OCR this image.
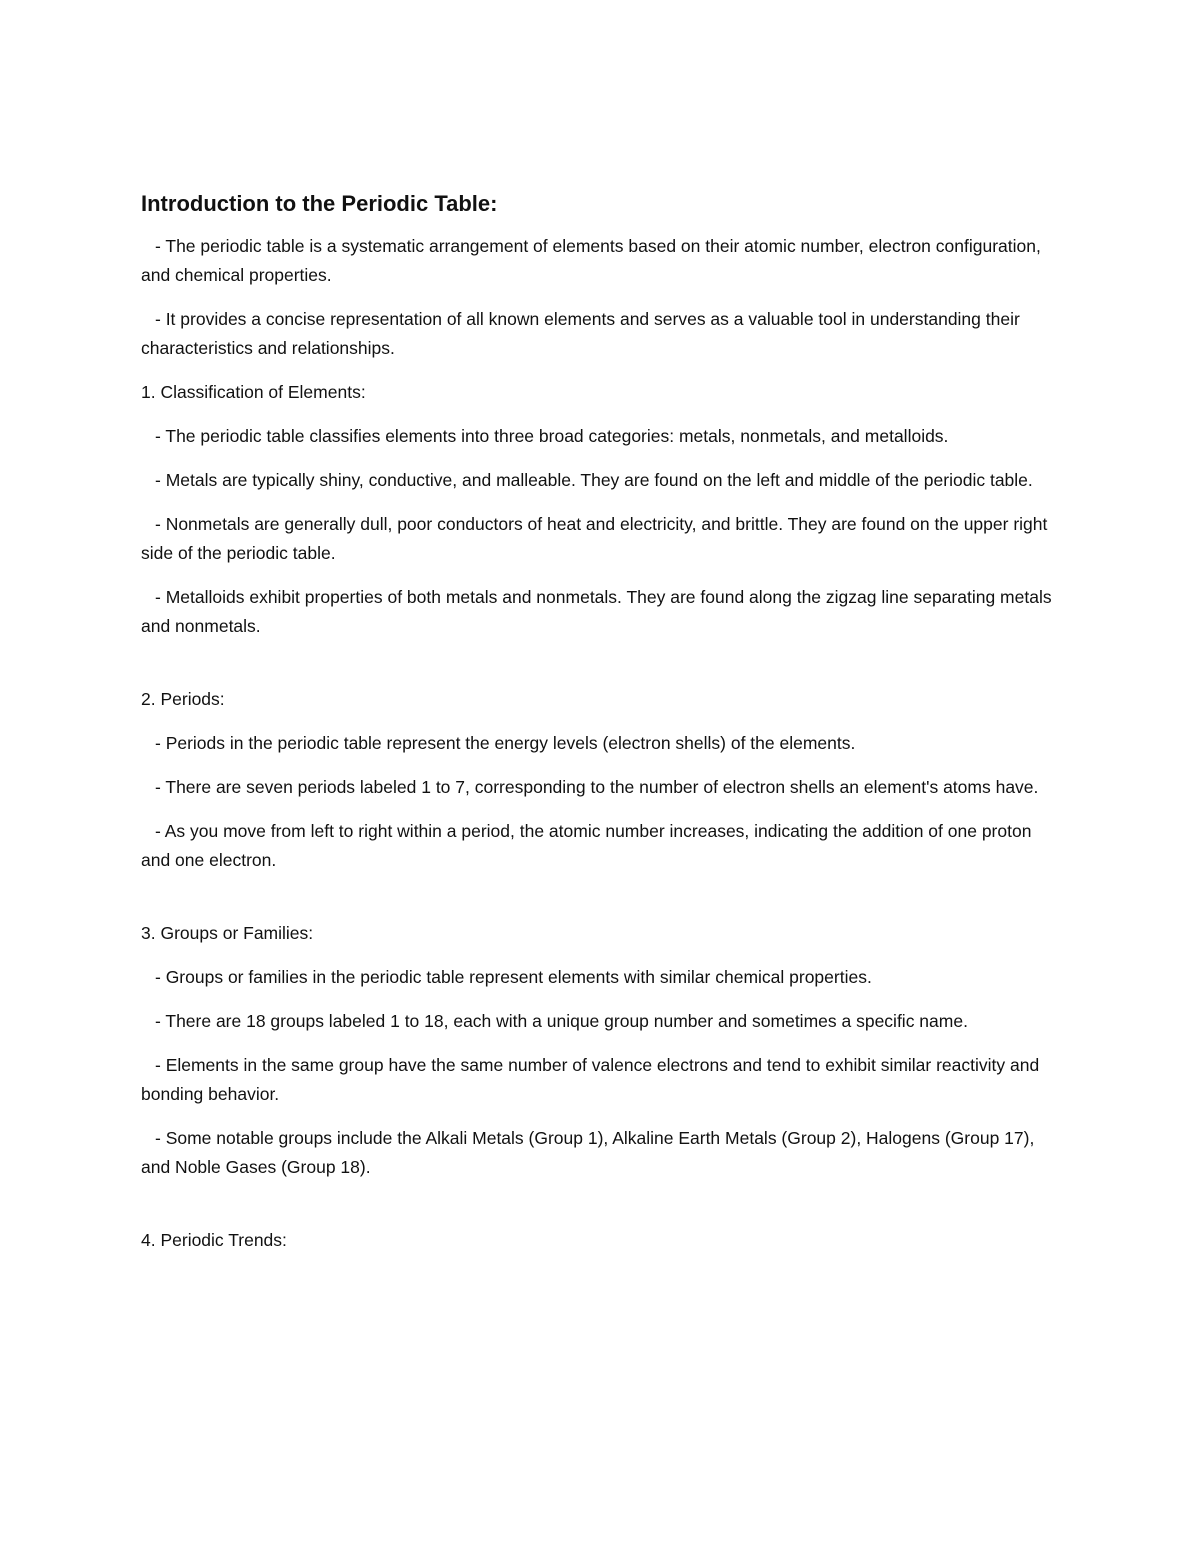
Introduction to the Periodic Table:

- The periodic table is a systematic arrangement of elements based on their atomic number, electron configuration, and chemical properties.

- It provides a concise representation of all known elements and serves as a valuable tool in understanding their characteristics and relationships.

1. Classification of Elements:

- The periodic table classifies elements into three broad categories: metals, nonmetals, and metalloids.

- Metals are typically shiny, conductive, and malleable. They are found on the left and middle of the periodic table.

- Nonmetals are generally dull, poor conductors of heat and electricity, and brittle. They are found on the upper right side of the periodic table.

- Metalloids exhibit properties of both metals and nonmetals. They are found along the zigzag line separating metals and nonmetals.

2. Periods:

- Periods in the periodic table represent the energy levels (electron shells) of the elements.

- There are seven periods labeled 1 to 7, corresponding to the number of electron shells an element's atoms have.

- As you move from left to right within a period, the atomic number increases, indicating the addition of one proton and one electron.

3. Groups or Families:

- Groups or families in the periodic table represent elements with similar chemical properties.

- There are 18 groups labeled 1 to 18, each with a unique group number and sometimes a specific name.

- Elements in the same group have the same number of valence electrons and tend to exhibit similar reactivity and bonding behavior.

- Some notable groups include the Alkali Metals (Group 1), Alkaline Earth Metals (Group 2), Halogens (Group 17), and Noble Gases (Group 18).

4. Periodic Trends:
